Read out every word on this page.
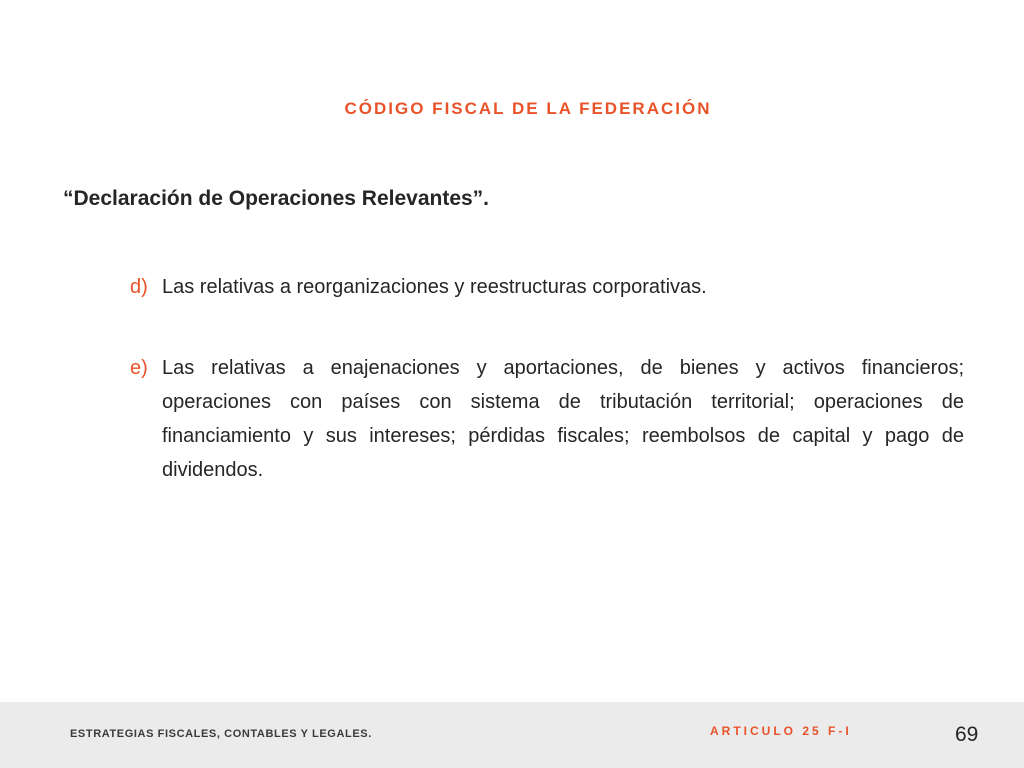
CÓDIGO FISCAL DE LA FEDERACIÓN
“Declaración de Operaciones Relevantes”.
d) Las relativas a reorganizaciones y reestructuras corporativas.
e) Las relativas a enajenaciones y aportaciones, de bienes y activos financieros; operaciones con países con sistema de tributación territorial; operaciones de financiamiento y sus intereses; pérdidas fiscales; reembolsos de capital y pago de dividendos.
ESTRATEGIAS FISCALES, CONTABLES Y LEGALES.	ARTICULO 25 F-I	69
